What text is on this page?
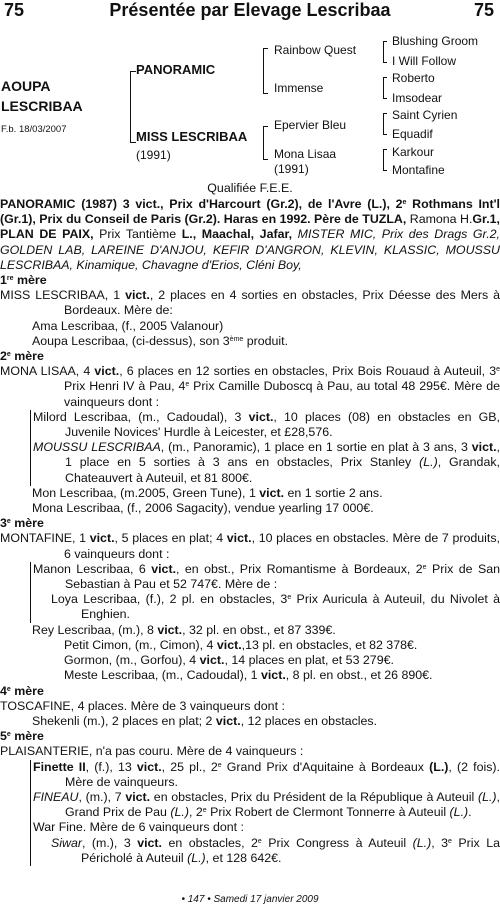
75	Présentée par Elevage Lescribaa	75
AOUPA
LESCRIBAA
F.b. 18/03/2007
PANORAMIC
MISS LESCRIBAA
(1991)
Rainbow Quest
Immense
Epervier Bleu
Mona Lisaa
(1991)
Blushing Groom
I Will Follow
Roberto
Imsodear
Saint Cyrien
Equadif
Karkour
Montafine
Qualifiée F.E.E.

PANORAMIC (1987) 3 vict., Prix d'Harcourt (Gr.2), de l'Avre (L.), 2e Rothmans Int'l (Gr.1), Prix du Conseil de Paris (Gr.2). Haras en 1992. Père de TUZLA, Ramona H.Gr.1, PLAN DE PAIX, Prix Tantième L., Maachal, Jafar, MISTER MIC, Prix des Drags Gr.2, GOLDEN LAB, LAREINE D'ANJOU, KEFIR D'ANGRON, KLEVIN, KLASSIC, MOUSSU LESCRIBAA, Kinamique, Chavagne d'Erios, Cléni Boy,

1re mère

MISS LESCRIBAA, 1 vict., 2 places en 4 sorties en obstacles, Prix Déesse des Mers à Bordeaux. Mère de:

Ama Lescribaa, (f., 2005 Valanour)

Aoupa Lescribaa, (ci-dessus), son 3ème produit.

2e mère

MONA LISAA, 4 vict., 6 places en 12 sorties en obstacles, Prix Bois Rouaud à Auteuil, 3e Prix Henri IV à Pau, 4e Prix Camille Duboscq à Pau, au total 48 295€. Mère de vainqueurs dont :

Milord Lescribaa, (m., Cadoudal), 3 vict., 10 places (08) en obstacles en GB, Juvenile Novices' Hurdle à Leicester, et £28,576.

MOUSSU LESCRIBAA, (m., Panoramic), 1 place en 1 sortie en plat à 3 ans, 3 vict., 1 place en 5 sorties à 3 ans en obstacles, Prix Stanley (L.), Grandak, Chateauvert à Auteuil, et 81 800€.

Mon Lescribaa, (m.2005, Green Tune), 1 vict. en 1 sortie 2 ans.

Mona Lescribaa, (f., 2006 Sagacity), vendue yearling 17 000€.

3e mère

MONTAFINE, 1 vict., 5 places en plat; 4 vict., 10 places en obstacles. Mère de 7 produits, 6 vainqueurs dont :

Manon Lescribaa, 6 vict., en obst., Prix Romantisme à Bordeaux, 2e Prix de San Sebastian à Pau et 52 747€. Mère de :

Loya Lescribaa, (f.), 2 pl. en obstacles, 3e Prix Auricula à Auteuil, du Nivolet à Enghien.

Rey Lescribaa, (m.), 8 vict., 32 pl. en obst., et 87 339€.

Petit Cimon, (m., Cimon), 4 vict.,13 pl. en obstacles, et 82 378€.

Gormon, (m., Gorfou), 4 vict., 14 places en plat, et 53 279€.

Meste Lescribaa, (m., Cadoudal), 1 vict., 8 pl. en obst., et 26 890€.

4e mère

TOSCAFINE, 4 places. Mère de 3 vainqueurs dont :

Shekenli (m.), 2 places en plat; 2 vict., 12 places en obstacles.

5e mère

PLAISANTERIE, n'a pas couru. Mère de 4 vainqueurs :

Finette II, (f.), 13 vict., 25 pl., 2e Grand Prix d'Aquitaine à Bordeaux (L.), (2 fois). Mère de vainqueurs.

FINEAU, (m.), 7 vict. en obstacles, Prix du Président de la République à Auteuil (L.), Grand Prix de Pau (L.), 2e Prix Robert de Clermont Tonnerre à Auteuil (L.).

War Fine. Mère de 6 vainqueurs dont :

Siwar, (m.), 3 vict. en obstacles, 2e Prix Congress à Auteuil (L.), 3e Prix La Péricholé à Auteuil (L.), et 128 642€.

• 147 • Samedi 17 janvier 2009
